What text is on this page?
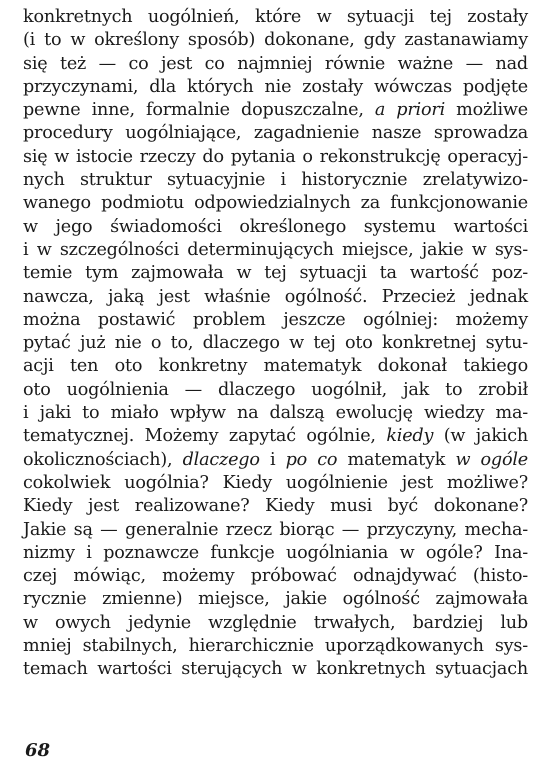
konkretnych uogólnień, które w sytuacji tej zostały
(i to w określony sposób) dokonane, gdy zastanawiamy
się też — co jest co najmniej równie ważne — nad
przyczynami, dla których nie zostały wówczas podjęte
pewne inne, formalnie dopuszczalne, a priori możliwe
procedury uogólniające, zagadnienie nasze sprowadza
się w istocie rzeczy do pytania o rekonstrukcję operacyj-
nych struktur sytuacyjnie i historycznie zrelatywizo-
wanego podmiotu odpowiedzialnych za funkcjonowanie
w jego świadomości określonego systemu wartości
i w szczególności determinujących miejsce, jakie w sys-
temie tym zajmowała w tej sytuacji ta wartość poz-
nawcza, jaką jest właśnie ogólność. Przecież jednak
można postawić problem jeszcze ogólniej: możemy
pytać już nie o to, dlaczego w tej oto konkretnej sytu-
acji ten oto konkretny matematyk dokonał takiego
oto uogólnienia — dlaczego uogólnił, jak to zrobił
i jaki to miało wpływ na dalszą ewolucję wiedzy ma-
tematycznej. Możemy zapytać ogólnie, kiedy (w jakich
okolicznościach), dlaczego i po co matematyk w ogóle
cokolwiek uogólnia? Kiedy uogólnienie jest możliwe?
Kiedy jest realizowane? Kiedy musi być dokonane?
Jakie są — generalnie rzecz biorąc — przyczyny, mecha-
nizmy i poznawcze funkcje uogólniania w ogóle? Ina-
czej mówiąc, możemy próbować odnajdywać (histo-
rycznie zmienne) miejsce, jakie ogólność zajmowała
w owych jedynie względnie trwałych, bardziej lub
mniej stabilnych, hierarchicznie uporządkowanych sys-
temach wartości sterujących w konkretnych sytuacjach
68
